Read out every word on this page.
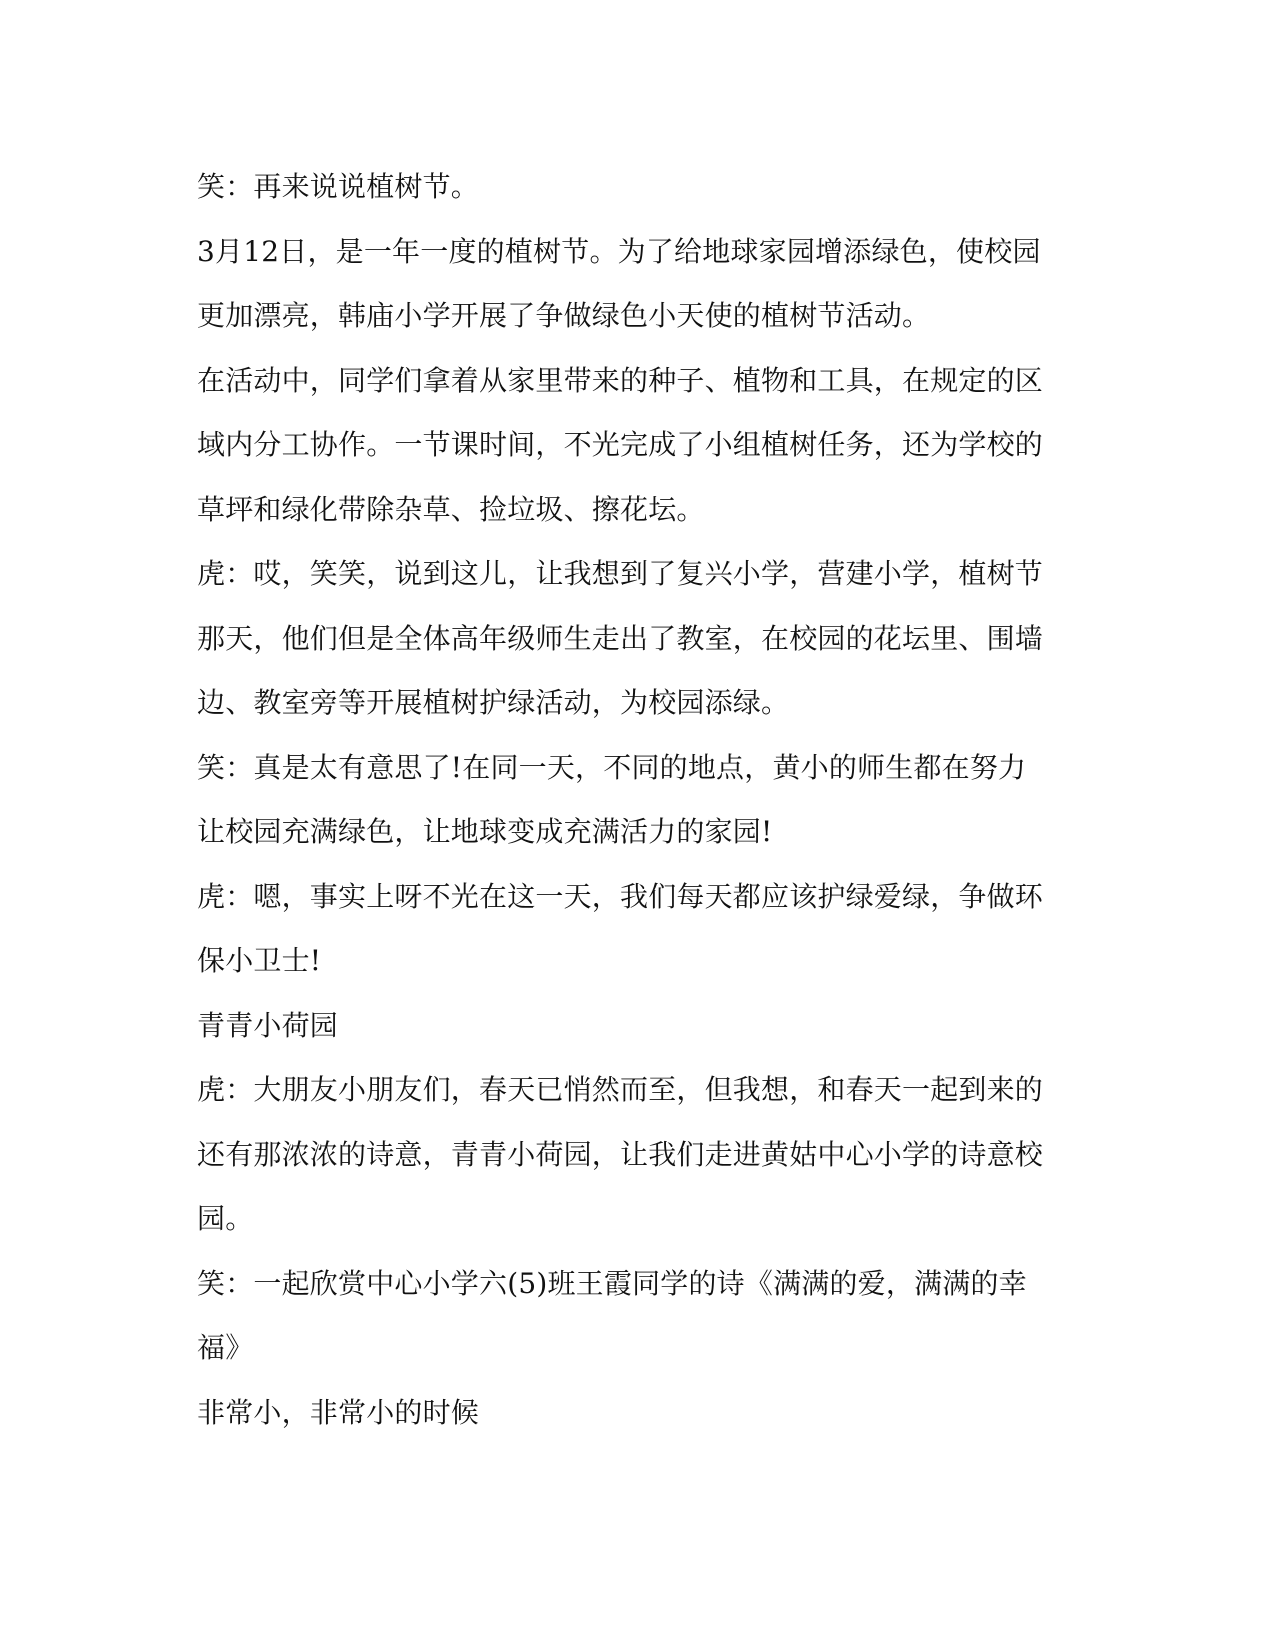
笑：再来说说植树节。
3月12日，是一年一度的植树节。为了给地球家园增添绿色，使校园
更加漂亮，韩庙小学开展了争做绿色小天使的植树节活动。
在活动中，同学们拿着从家里带来的种子、植物和工具，在规定的区
域内分工协作。一节课时间，不光完成了小组植树任务，还为学校的
草坪和绿化带除杂草、捡垃圾、擦花坛。
虎：哎，笑笑，说到这儿，让我想到了复兴小学，营建小学，植树节
那天，他们但是全体高年级师生走出了教室，在校园的花坛里、围墙
边、教室旁等开展植树护绿活动，为校园添绿。
笑：真是太有意思了!在同一天，不同的地点，黄小的师生都在努力
让校园充满绿色，让地球变成充满活力的家园!
虎：嗯，事实上呀不光在这一天，我们每天都应该护绿爱绿，争做环
保小卫士!
青青小荷园
虎：大朋友小朋友们，春天已悄然而至，但我想，和春天一起到来的
还有那浓浓的诗意，青青小荷园，让我们走进黄姑中心小学的诗意校
园。
笑：一起欣赏中心小学六(5)班王霞同学的诗《满满的爱，满满的幸
福》
非常小，非常小的时候
